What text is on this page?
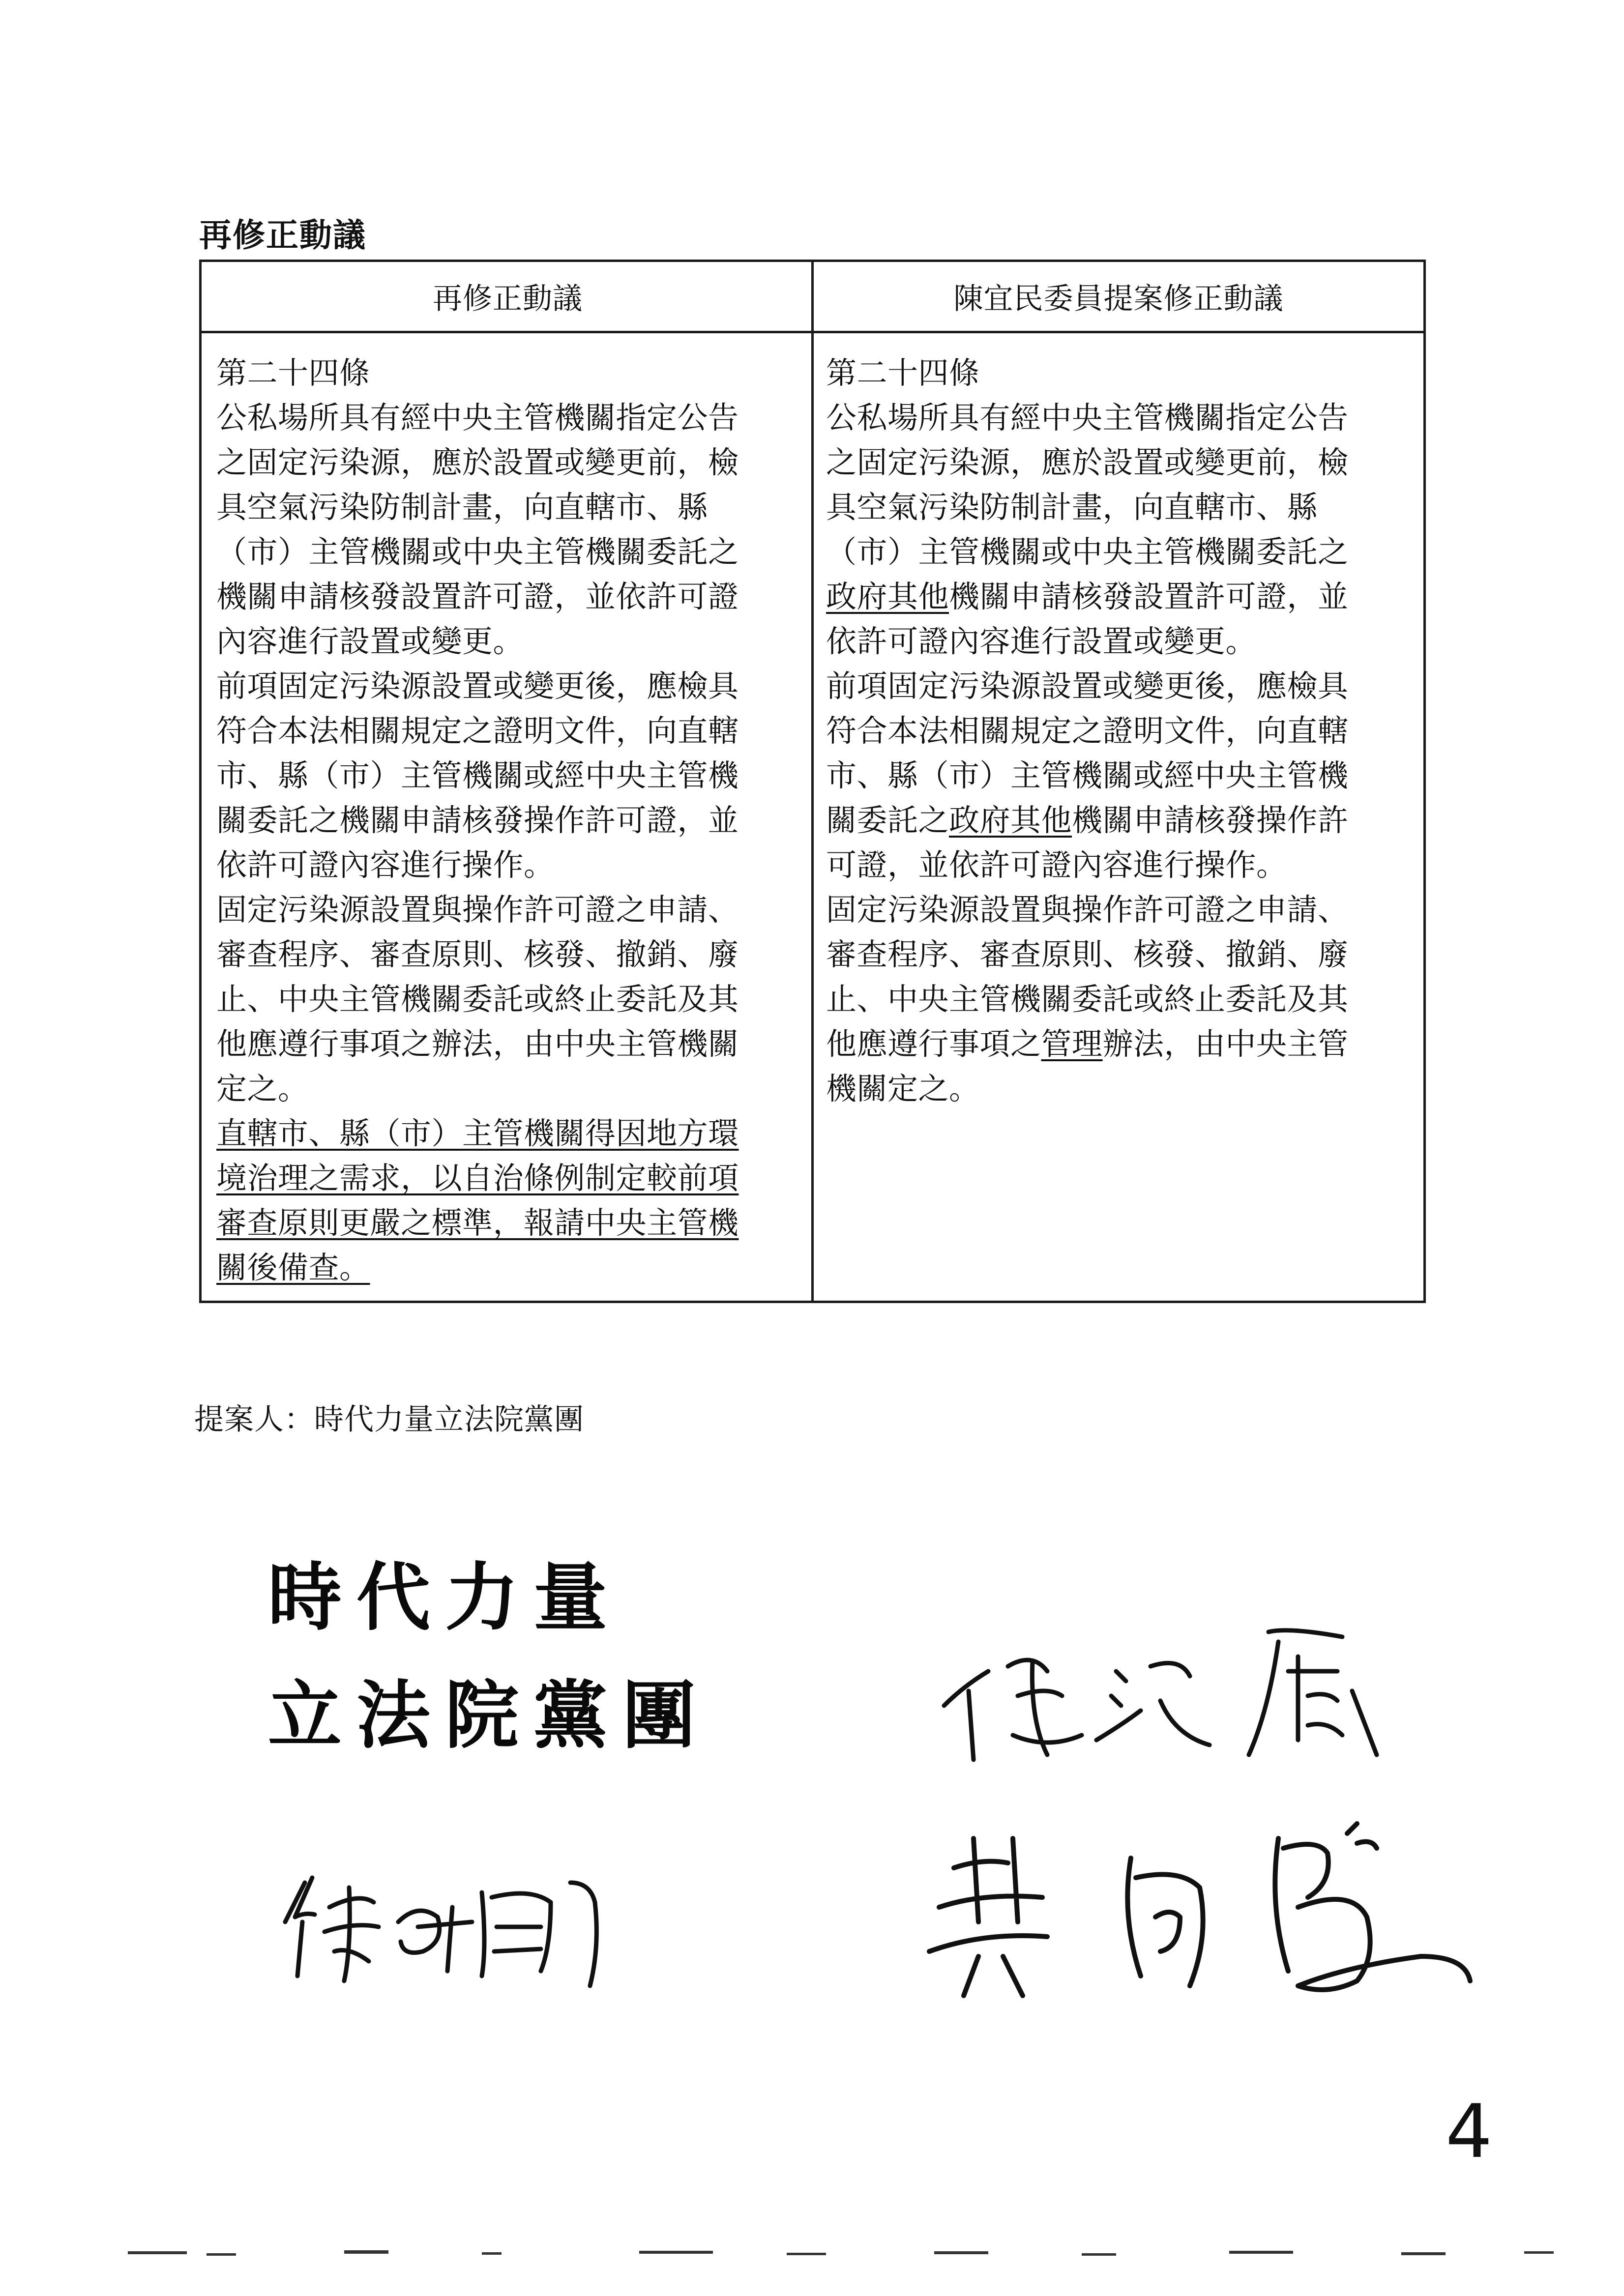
再修正動議
再修正動議	陳宜民委員提案修正動議

第二十四條

公私場所具有經中央主管機關指定公告

之固定污染源，應於設置或變更前，檢

具空氣污染防制計畫，向直轄市、縣

（市）主管機關或中央主管機關委託之

機關申請核發設置許可證，並依許可證

內容進行設置或變更。

前項固定污染源設置或變更後，應檢具

符合本法相關規定之證明文件，向直轄

市、縣（市）主管機關或經中央主管機

關委託之機關申請核發操作許可證，並

依許可證內容進行操作。

固定污染源設置與操作許可證之申請、

審查程序、審查原則、核發、撤銷、廢

止、中央主管機關委託或終止委託及其

他應遵行事項之辦法，由中央主管機關

定之。

直轄市、縣（市）主管機關得因地方環

境治理之需求，以自治條例制定較前項

審查原則更嚴之標準，報請中央主管機

關後備查。

第二十四條

公私場所具有經中央主管機關指定公告

之固定污染源，應於設置或變更前，檢

具空氣污染防制計畫，向直轄市、縣

（市）主管機關或中央主管機關委託之

政府其他機關申請核發設置許可證，並

依許可證內容進行設置或變更。

前項固定污染源設置或變更後，應檢具

符合本法相關規定之證明文件，向直轄

市、縣（市）主管機關或經中央主管機

關委託之政府其他機關申請核發操作許

可證，並依許可證內容進行操作。

固定污染源設置與操作許可證之申請、

審查程序、審查原則、核發、撤銷、廢

止、中央主管機關委託或終止委託及其

他應遵行事項之管理辦法，由中央主管

機關定之。

提案人：時代力量立法院黨團
時代力量
立法院黨團
4
